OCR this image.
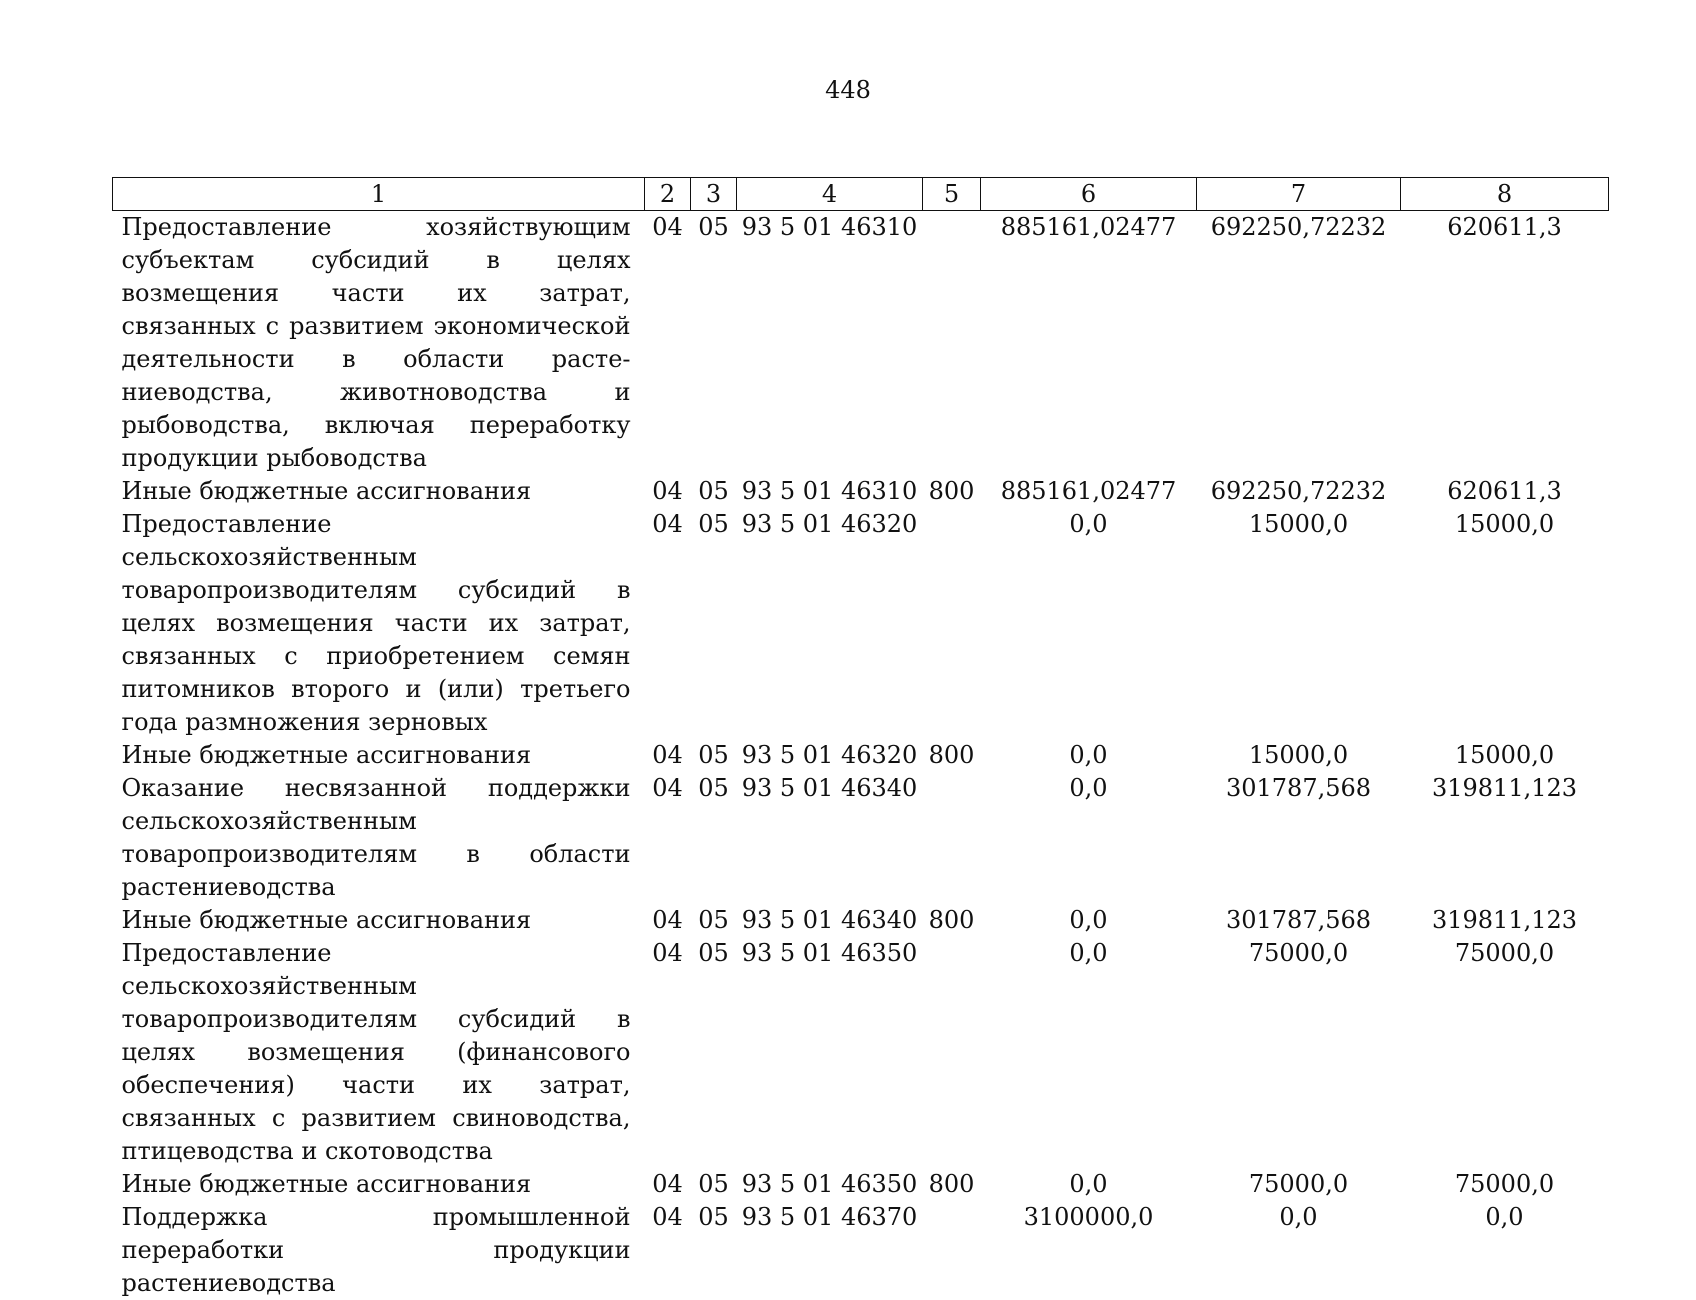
448
1	2	3	4	5	6	7	8
Предоставление хозяйствующим субъектам субсидий в целях возмещения части их затрат, связанных с развитием экономической деятельности в области растениеводства, животноводства и рыбоводства, включая переработку продукции рыбоводства	04	05	93 5 01 46310		885161,02477	692250,72232	620611,3
Иные бюджетные ассигнования	04	05	93 5 01 46310	800	885161,02477	692250,72232	620611,3
Предоставление сельскохозяйственным товаропроизводителям субсидий в целях возмещения части их затрат, связанных с приобретением семян питомников второго и (или) третьего года размножения зерновых	04	05	93 5 01 46320		0,0	15000,0	15000,0
Иные бюджетные ассигнования	04	05	93 5 01 46320	800	0,0	15000,0	15000,0
Оказание несвязанной поддержки сельскохозяйственным товаропроизводителям в области растениеводства	04	05	93 5 01 46340		0,0	301787,568	319811,123
Иные бюджетные ассигнования	04	05	93 5 01 46340	800	0,0	301787,568	319811,123
Предоставление сельскохозяйственным товаропроизводителям субсидий в целях возмещения (финансового обеспечения) части их затрат, связанных с развитием свиноводства, птицеводства и скотоводства	04	05	93 5 01 46350		0,0	75000,0	75000,0
Иные бюджетные ассигнования	04	05	93 5 01 46350	800	0,0	75000,0	75000,0
Поддержка промышленной переработки продукции растениеводства	04	05	93 5 01 46370		3100000,0	0,0	0,0
